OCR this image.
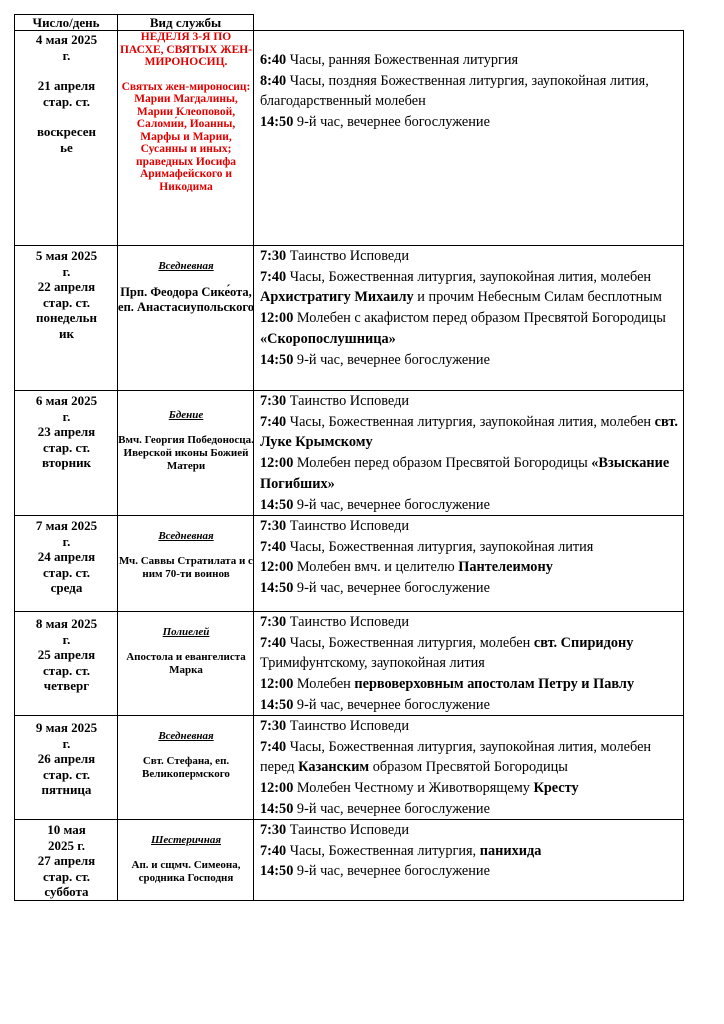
Число/день	Вид службы
4 мая 2025
г.
21 апреля
стар. ст.
воскресен
ье
НЕДЕЛЯ 3-Я ПО ПАСХЕ, СВЯТЫХ ЖЕН-МИРОНОСИЦ.
Святых жен-мироносиц: Марии Магдалины, Марии Клеоповой, Саломи́и, Иоанны, Марфы и Марии, Сусанны и иных; праведных Иосифа Аримафейского и Никодима
6:40 Часы, ранняя Божественная литургия
8:40 Часы, поздняя Божественная литургия, заупокойная лития, благодарственный молебен
14:50 9-й час, вечернее богослужение
5 мая 2025
г.
22 апреля
стар. ст.
понедельн
ик
Вседневная
Прп. Феодора Сике́ота, еп. Анастасиупольского
7:30 Таинство Исповеди
7:40 Часы, Божественная литургия, заупокойная лития, молебен Архистратигу Михаилу и прочим Небесным Силам бесплотным
12:00 Молебен с акафистом перед образом Пресвятой Богородицы «Скоропослушница»
14:50 9-й час, вечернее богослужение
6 мая 2025
г.
23 апреля
стар. ст.
вторник
Бдение
Вмч. Георгия Победоносца. Иверской иконы Божией Матери
7:30 Таинство Исповеди
7:40 Часы, Божественная литургия, заупокойная лития, молебен свт. Луке Крымскому
12:00 Молебен перед образом Пресвятой Богородицы «Взыскание Погибших»
14:50 9-й час, вечернее богослужение
7 мая 2025
г.
24 апреля
стар. ст.
среда
Вседневная
Мч. Саввы Стратилата и с ним 70-ти воинов
7:30 Таинство Исповеди
7:40 Часы, Божественная литургия, заупокойная лития
12:00 Молебен вмч. и целителю Пантелеимону
14:50 9-й час, вечернее богослужение
8 мая 2025
г.
25 апреля
стар. ст.
четверг
Полиелей
Апостола и евангелиста Марка
7:30 Таинство Исповеди
7:40 Часы, Божественная литургия, молебен свт. Спиридону Тримифунтскому, заупокойная лития
12:00 Молебен первоверховным апостолам Петру и Павлу
14:50 9-й час, вечернее богослужение
9 мая 2025
г.
26 апреля
стар. ст.
пятница
Вседневная
Свт. Стефана, еп. Великопермского
7:30 Таинство Исповеди
7:40 Часы, Божественная литургия, заупокойная лития, молебен перед Казанским образом Пресвятой Богородицы
12:00 Молебен Честному и Животворящему Кресту
14:50 9-й час, вечернее богослужение
10 мая
2025 г.
27 апреля
стар. ст.
суббота
Шестеричная
Ап. и сщмч. Симеона, сродника Господня
7:30 Таинство Исповеди
7:40 Часы, Божественная литургия, панихида
14:50 9-й час, вечернее богослужение
